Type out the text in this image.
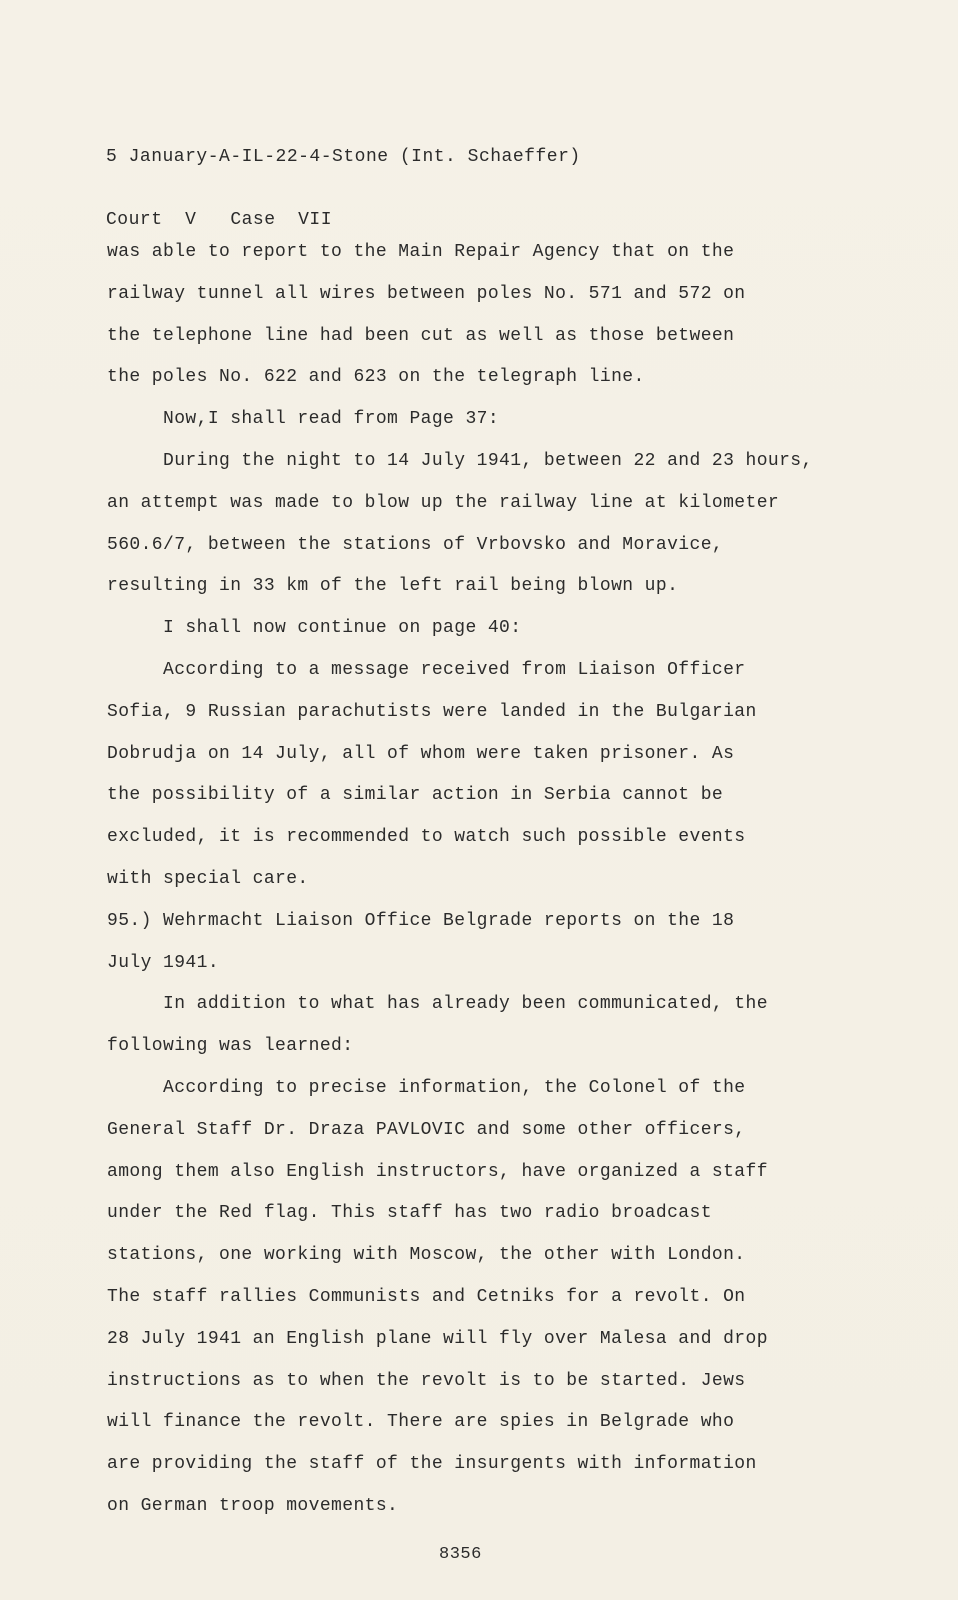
5 January-A-IL-22-4-Stone (Int. Schaeffer)

Court  V   Case  VII

was able to report to the Main Repair Agency that on the
railway tunnel all wires between poles No. 571 and 572 on
the telephone line had been cut as well as those between
the poles No. 622 and 623 on the telegraph line.
Now,I shall read from Page 37:
During the night to 14 July 1941, between 22 and 23 hours,
an attempt was made to blow up the railway line at kilometer
560.6/7, between the stations of Vrbovsko and Moravice,
resulting in 33 km of the left rail being blown up.
I shall now continue on page 40:
According to a message received from Liaison Officer
Sofia, 9 Russian parachutists were landed in the Bulgarian
Dobrudja on 14 July, all of whom were taken prisoner. As
the possibility of a similar action in Serbia cannot be
excluded, it is recommended to watch such possible events
with special care.
95.) Wehrmacht Liaison Office Belgrade reports on the 18
July 1941.
In addition to what has already been communicated, the
following was learned:
According to precise information, the Colonel of the
General Staff Dr. Draza PAVLOVIC and some other officers,
among them also English instructors, have organized a staff
under the Red flag. This staff has two radio broadcast
stations, one working with Moscow, the other with London.
The staff rallies Communists and Cetniks for a revolt. On
28 July 1941 an English plane will fly over Malesa and drop
instructions as to when the revolt is to be started. Jews
will finance the revolt. There are spies in Belgrade who
are providing the staff of the insurgents with information
on German troop movements.
8356
